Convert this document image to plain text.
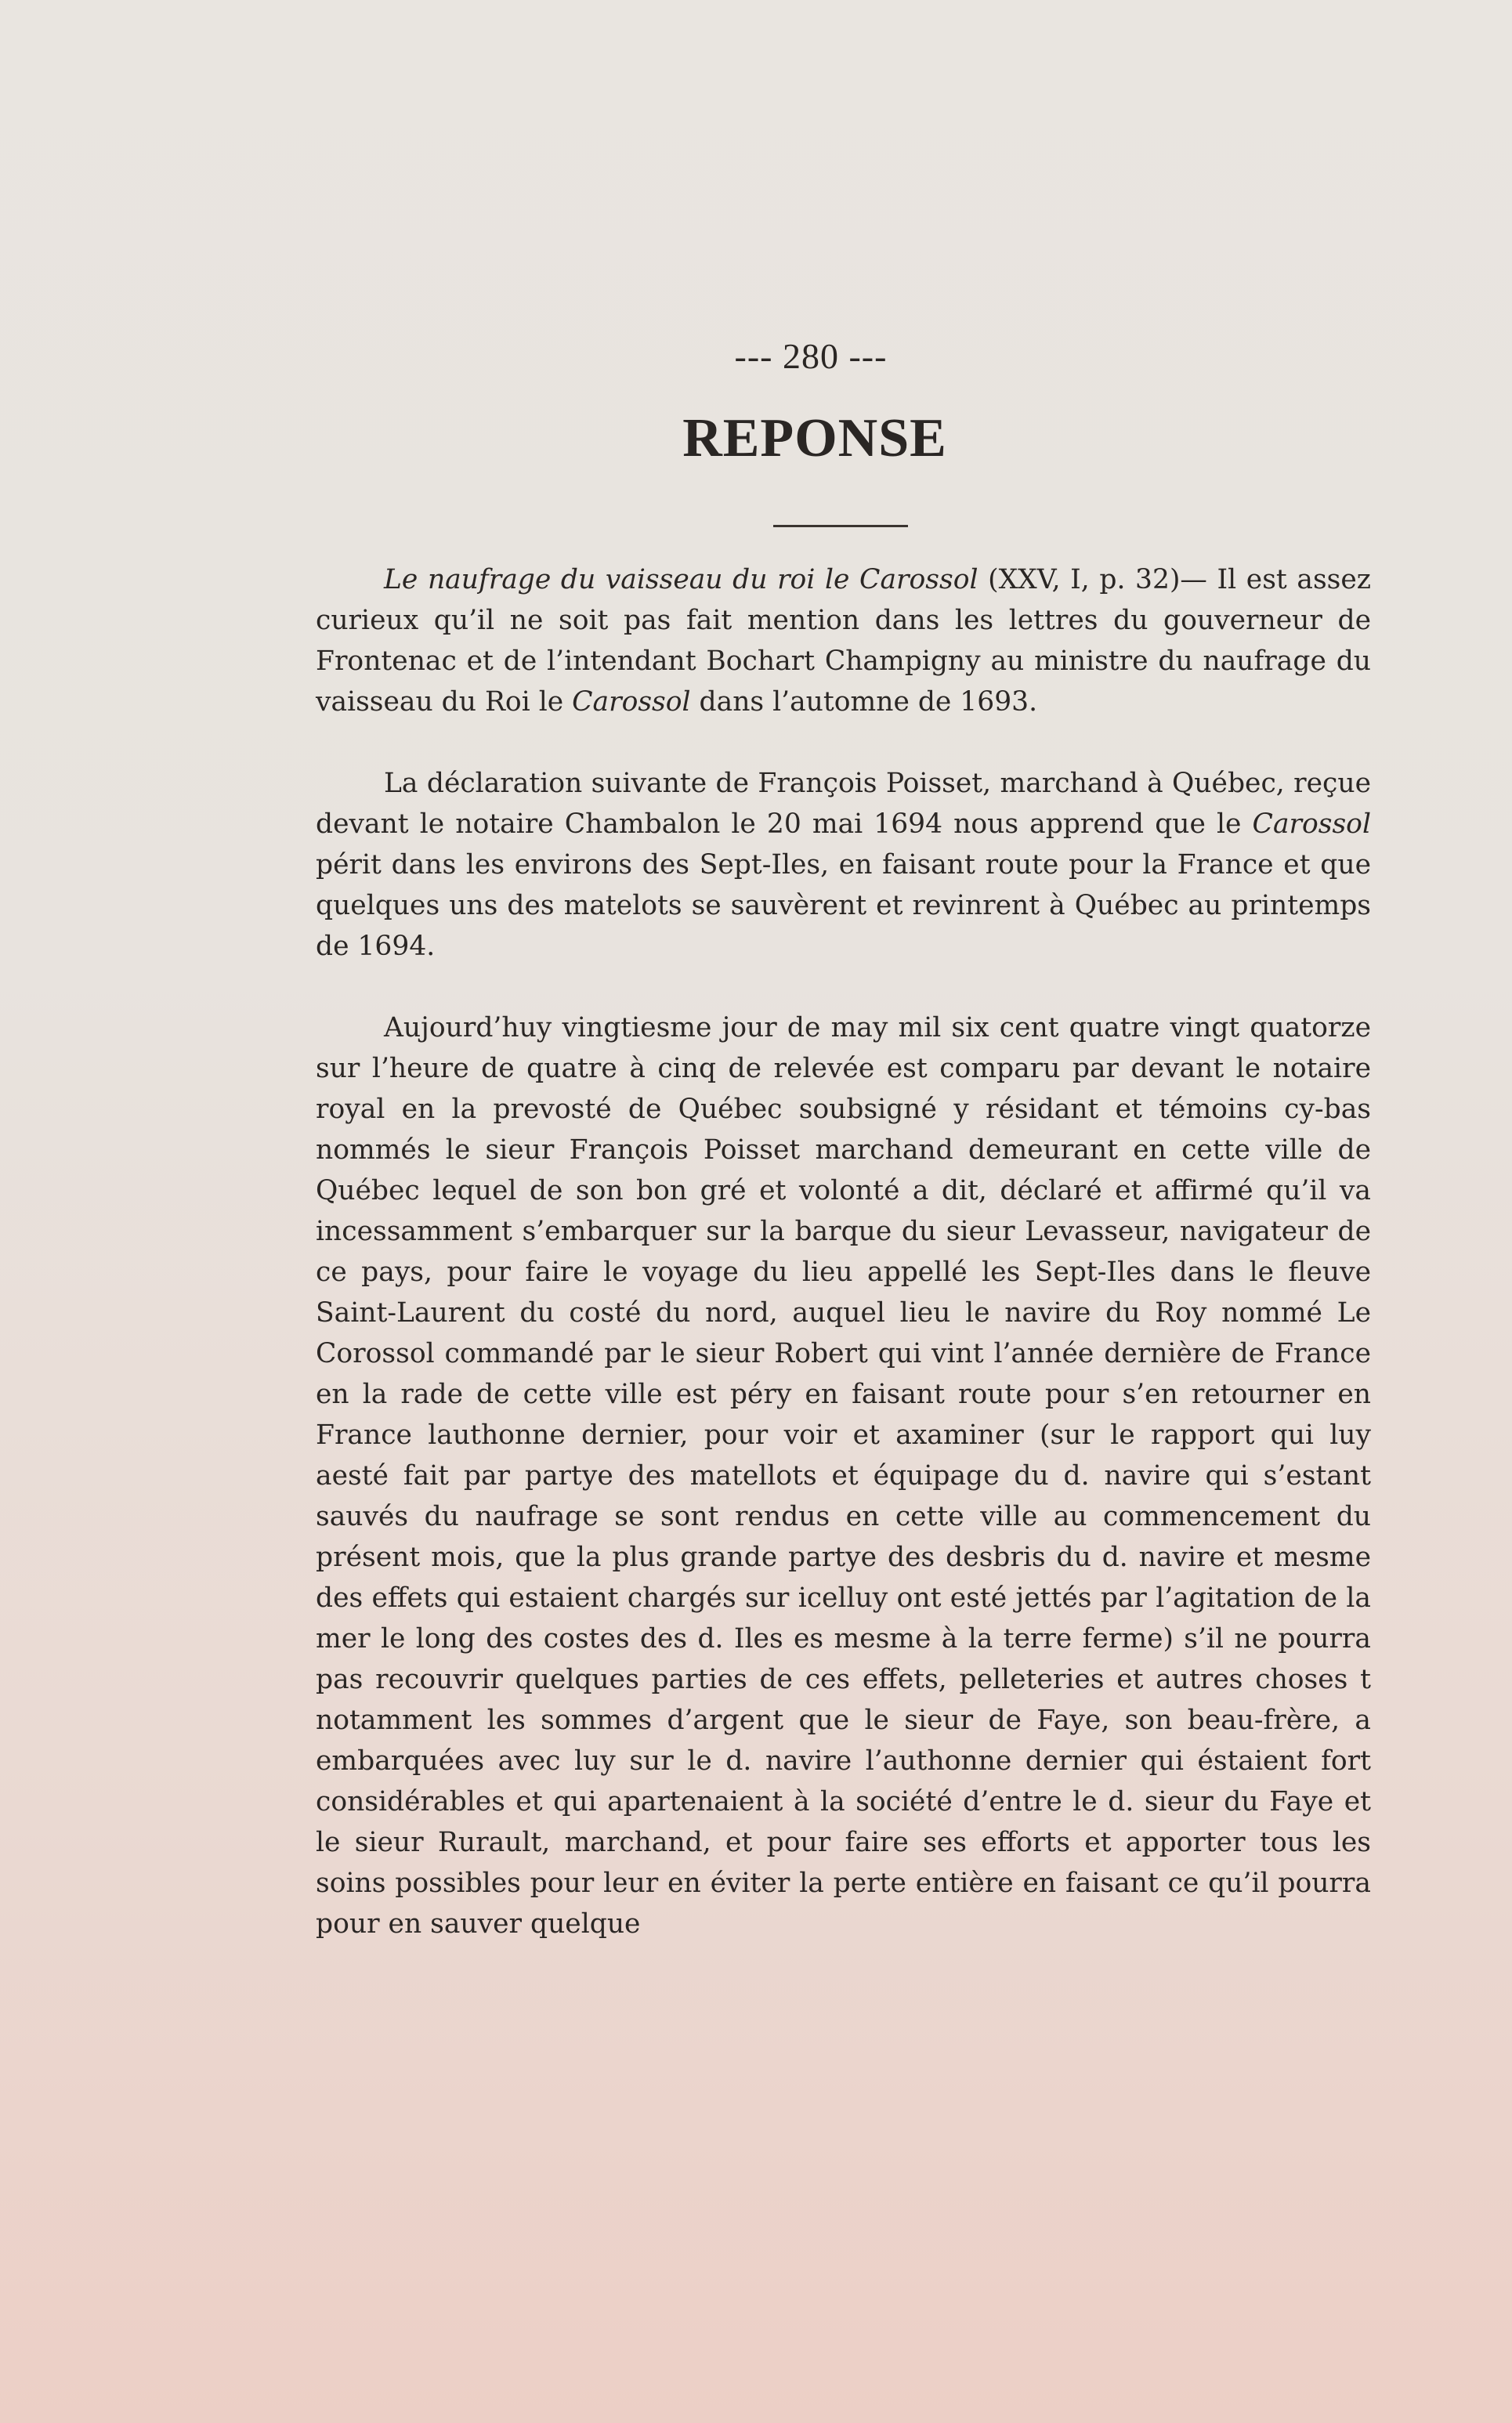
--- 280 ---
REPONSE

Le naufrage du vaisseau du roi le Carossol (XXV, I, p. 32)— Il est assez curieux qu’il ne soit pas fait mention dans les lettres du gouverneur de Frontenac et de l’intendant Bochart Champigny au ministre du naufrage du vaisseau du Roi le Carossol dans l’automne de 1693.

La déclaration suivante de François Poisset, marchand à Québec, reçue devant le notaire Chambalon le 20 mai 1694 nous apprend que le Carossol périt dans les environs des Sept-Iles, en faisant route pour la France et que quelques uns des matelots se sauvèrent et revinrent à Québec au printemps de 1694.

Aujourd’huy vingtiesme jour de may mil six cent quatre vingt quatorze sur l’heure de quatre à cinq de relevée est comparu par devant le notaire royal en la prevosté de Québec soubsigné y résidant et témoins cy-bas nommés le sieur François Poisset marchand demeurant en cette ville de Québec lequel de son bon gré et volonté a dit, déclaré et affirmé qu’il va incessamment s’embarquer sur la barque du sieur Levasseur, navigateur de ce pays, pour faire le voyage du lieu appellé les Sept-Iles dans le fleuve Saint-Laurent du costé du nord, auquel lieu le navire du Roy nommé Le Corossol commandé par le sieur Robert qui vint l’année dernière de France en la rade de cette ville est péry en faisant route pour s’en retourner en France lauthonne dernier, pour voir et axaminer (sur le rapport qui luy aesté fait par partye des matellots et équipage du d. navire qui s’estant sauvés du naufrage se sont rendus en cette ville au commencement du présent mois, que la plus grande partye des desbris du d. navire et mesme des effets qui estaient chargés sur icelluy ont esté jettés par l’agitation de la mer le long des costes des d. Iles es mesme à la terre ferme) s’il ne pourra pas recouvrir quelques parties de ces effets, pelleteries et autres choses t notamment les sommes d’argent que le sieur de Faye, son beau-frère, a embarquées avec luy sur le d. navire l’authonne dernier qui éstaient fort considérables et qui apartenaient à la société d’entre le d. sieur du Faye et le sieur Rurault, marchand, et pour faire ses efforts et apporter tous les soins possibles pour leur en éviter la perte entière en faisant ce qu’il pourra pour en sauver quelque
